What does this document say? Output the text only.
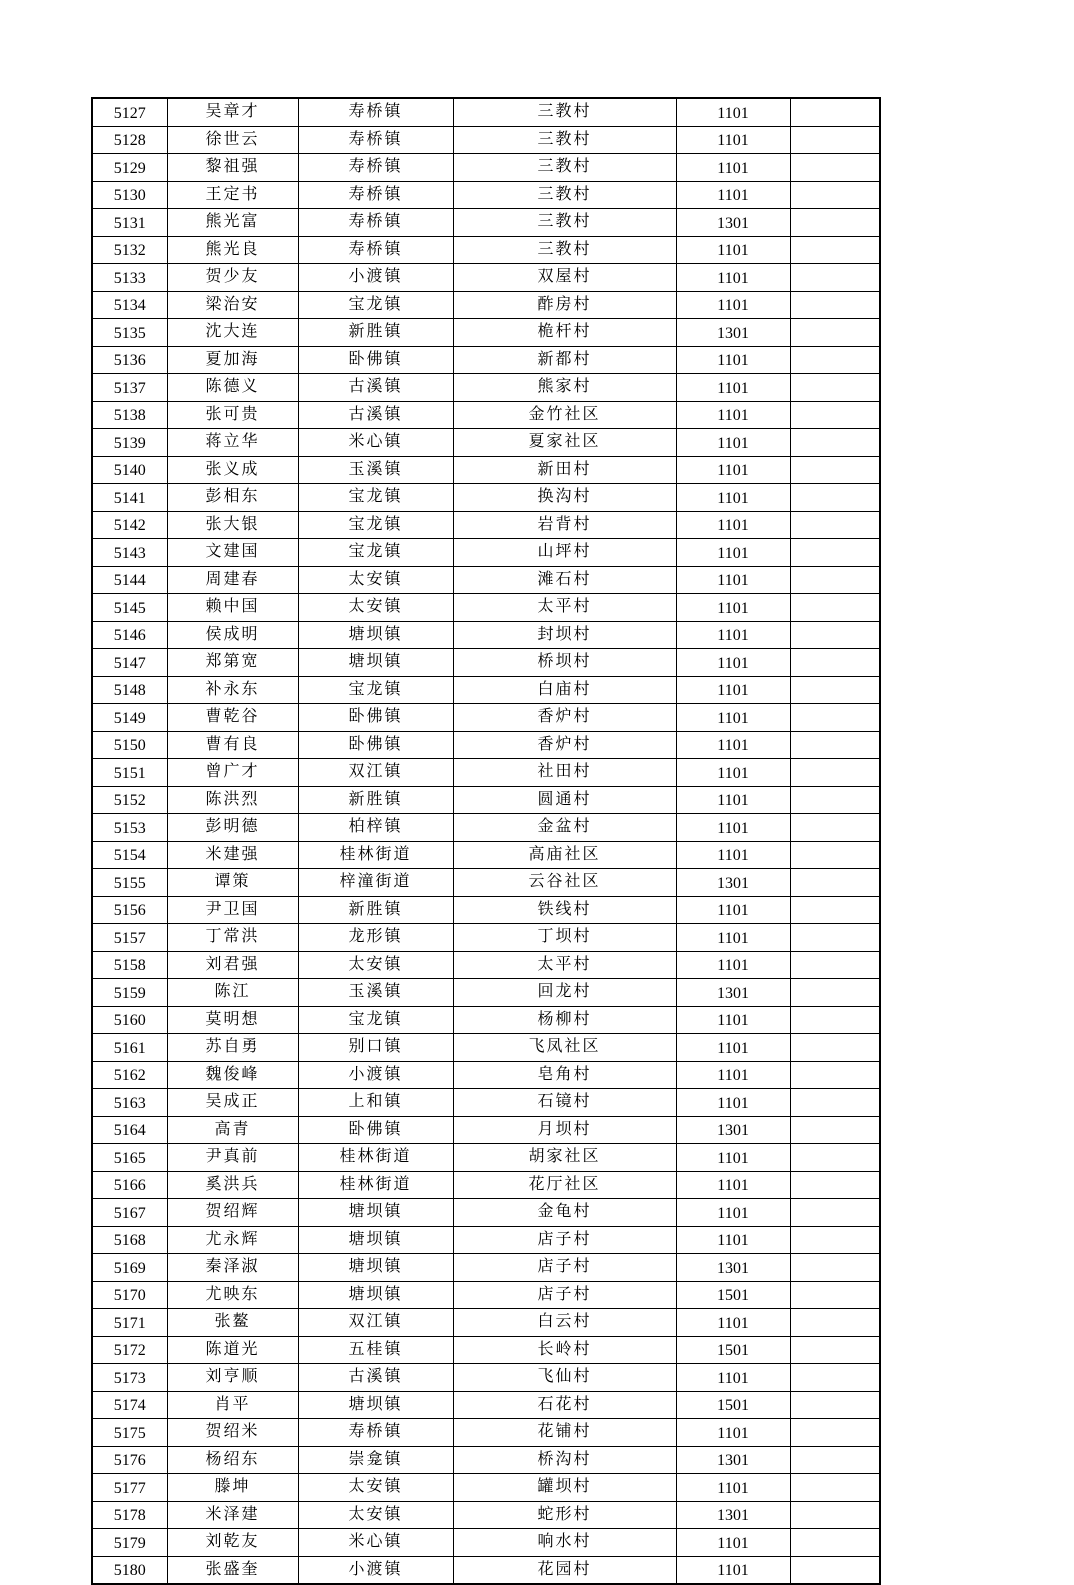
5127	吴章才	寿桥镇	三教村	1101	
5128	徐世云	寿桥镇	三教村	1101	
5129	黎祖强	寿桥镇	三教村	1101	
5130	王定书	寿桥镇	三教村	1101	
5131	熊光富	寿桥镇	三教村	1301	
5132	熊光良	寿桥镇	三教村	1101	
5133	贺少友	小渡镇	双屋村	1101	
5134	梁治安	宝龙镇	酢房村	1101	
5135	沈大连	新胜镇	桅杆村	1301	
5136	夏加海	卧佛镇	新都村	1101	
5137	陈德义	古溪镇	熊家村	1101	
5138	张可贵	古溪镇	金竹社区	1101	
5139	蒋立华	米心镇	夏家社区	1101	
5140	张义成	玉溪镇	新田村	1101	
5141	彭相东	宝龙镇	换沟村	1101	
5142	张大银	宝龙镇	岩背村	1101	
5143	文建国	宝龙镇	山坪村	1101	
5144	周建春	太安镇	滩石村	1101	
5145	赖中国	太安镇	太平村	1101	
5146	侯成明	塘坝镇	封坝村	1101	
5147	郑第宽	塘坝镇	桥坝村	1101	
5148	补永东	宝龙镇	白庙村	1101	
5149	曹乾谷	卧佛镇	香炉村	1101	
5150	曹有良	卧佛镇	香炉村	1101	
5151	曾广才	双江镇	社田村	1101	
5152	陈洪烈	新胜镇	圆通村	1101	
5153	彭明德	柏梓镇	金盆村	1101	
5154	米建强	桂林街道	高庙社区	1101	
5155	谭策	梓潼街道	云谷社区	1301	
5156	尹卫国	新胜镇	铁线村	1101	
5157	丁常洪	龙形镇	丁坝村	1101	
5158	刘君强	太安镇	太平村	1101	
5159	陈江	玉溪镇	回龙村	1301	
5160	莫明想	宝龙镇	杨柳村	1101	
5161	苏自勇	别口镇	飞凤社区	1101	
5162	魏俊峰	小渡镇	皂角村	1101	
5163	吴成正	上和镇	石镜村	1101	
5164	高青	卧佛镇	月坝村	1301	
5165	尹真前	桂林街道	胡家社区	1101	
5166	奚洪兵	桂林街道	花厅社区	1101	
5167	贺绍辉	塘坝镇	金龟村	1101	
5168	尤永辉	塘坝镇	店子村	1101	
5169	秦泽淑	塘坝镇	店子村	1301	
5170	尤映东	塘坝镇	店子村	1501	
5171	张鳌	双江镇	白云村	1101	
5172	陈道光	五桂镇	长岭村	1501	
5173	刘亨顺	古溪镇	飞仙村	1101	
5174	肖平	塘坝镇	石花村	1501	
5175	贺绍米	寿桥镇	花铺村	1101	
5176	杨绍东	崇龛镇	桥沟村	1301	
5177	滕坤	太安镇	罐坝村	1101	
5178	米泽建	太安镇	蛇形村	1301	
5179	刘乾友	米心镇	响水村	1101	
5180	张盛奎	小渡镇	花园村	1101	
